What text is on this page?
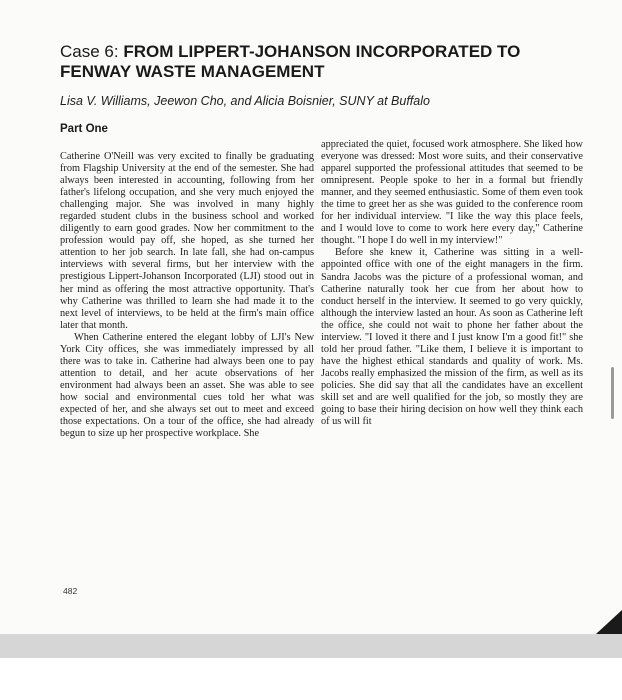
Case 6: FROM LIPPERT-JOHANSON INCORPORATED TO FENWAY WASTE MANAGEMENT
Lisa V. Williams, Jeewon Cho, and Alicia Boisnier, SUNY at Buffalo
Part One

Catherine O'Neill was very excited to finally be graduating from Flagship University at the end of the semester. She had always been interested in accounting, following from her father's lifelong occupation, and she very much enjoyed the challenging major. She was involved in many highly regarded student clubs in the business school and worked diligently to earn good grades. Now her commitment to the profession would pay off, she hoped, as she turned her attention to her job search. In late fall, she had on-campus interviews with several firms, but her interview with the prestigious Lippert-Johanson Incorporated (LJI) stood out in her mind as offering the most attractive opportunity. That's why Catherine was thrilled to learn she had made it to the next level of interviews, to be held at the firm's main office later that month.

When Catherine entered the elegant lobby of LJI's New York City offices, she was immediately impressed by all there was to take in. Catherine had always been one to pay attention to detail, and her acute observations of her environment had always been an asset. She was able to see how social and environmental cues told her what was expected of her, and she always set out to meet and exceed those expectations. On a tour of the office, she had already begun to size up her prospective workplace. She

appreciated the quiet, focused work atmosphere. She liked how everyone was dressed: Most wore suits, and their conservative apparel supported the professional attitudes that seemed to be omnipresent. People spoke to her in a formal but friendly manner, and they seemed enthusiastic. Some of them even took the time to greet her as she was guided to the conference room for her individual interview. "I like the way this place feels, and I would love to come to work here every day," Catherine thought. "I hope I do well in my interview!"

Before she knew it, Catherine was sitting in a well-appointed office with one of the eight managers in the firm. Sandra Jacobs was the picture of a professional woman, and Catherine naturally took her cue from her about how to conduct herself in the interview. It seemed to go very quickly, although the interview lasted an hour. As soon as Catherine left the office, she could not wait to phone her father about the interview. "I loved it there and I just know I'm a good fit!" she told her proud father. "Like them, I believe it is important to have the highest ethical standards and quality of work. Ms. Jacobs really emphasized the mission of the firm, as well as its policies. She did say that all the candidates have an excellent skill set and are well qualified for the job, so mostly they are going to base their hiring decision on how well they think each of us will fit

482
